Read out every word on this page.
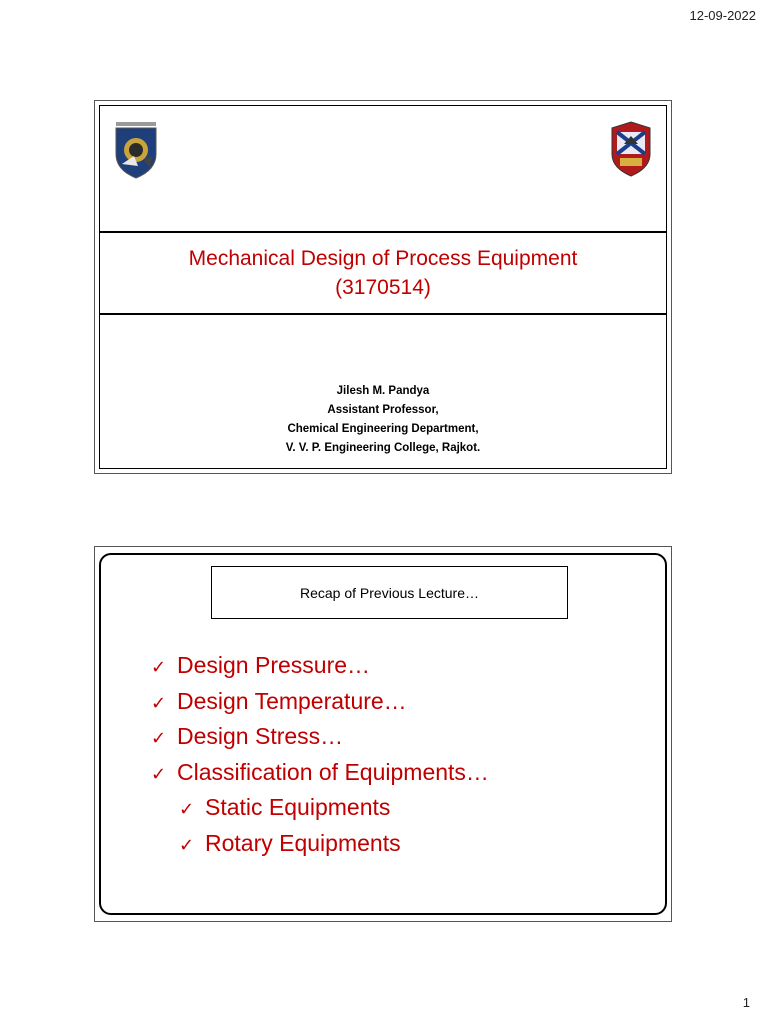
12-09-2022
Mechanical Design of Process Equipment
(3170514)
Jilesh M. Pandya
Assistant Professor,
Chemical Engineering Department,
V. V. P. Engineering College, Rajkot.
Recap of Previous Lecture…
✓ Design Pressure…
✓ Design Temperature…
✓ Design Stress…
✓ Classification of Equipments…
✓ Static Equipments
✓ Rotary Equipments
1
